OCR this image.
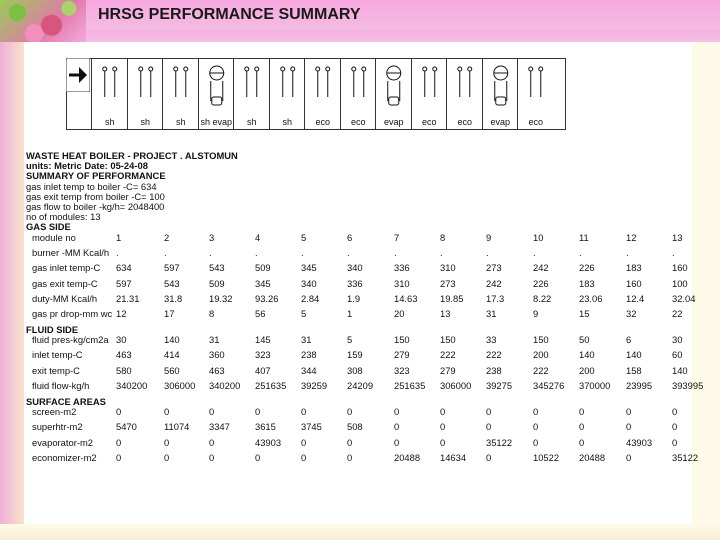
HRSG PERFORMANCE SUMMARY
sh	sh	sh	sh evap	sh	sh	eco	eco	evap	eco	eco	evap	eco
WASTE HEAT BOILER - PROJECT . ALSTOMUN
units: Metric Date: 05-24-08
SUMMARY OF PERFORMANCE
gas inlet temp to boiler -C= 634
gas exit temp from boiler -C= 100
gas flow to boiler -kg/h= 2048400
no of modules: 13
GAS SIDE
module no	1	2	3	4	5	6	7	8	9	10	11	12	13
burner -MM Kcal/h .	.	.	.	.	.	.	.	.	.	.	.	.
gas inlet temp-C 634	597	543	509	345	340	336	310	273	242	226	183	160
gas exit temp-C 597	543	509	345	340	336	310	273	242	226	183	160	100
duty-MM Kcal/h 21.31	31.8	19.32 93.26 2.84	1.9	14.63 19.85 17.3	8.22	23.06	12.4	32.04
gas pr drop-mm wc 12	17	8	56	5	1	20	13	31	9	15	32	22
FLUID SIDE
fluid pres-kg/cm2a 30	140	31	145	31	5	150	150	33	150	50	6	30
inlet temp-C	463	414	360	323	238	159	279	222	222	200	140	140	60
exit temp-C	580	560	463	407	344	308	323	279	238	222	200	158	140
fluid flow-kg/h	340200 306000 340200 251635 39259 24209 251635 306000 39275 345276 370000 23995 393995
SURFACE AREAS
screen-m2	0	0	0	0	0	0	0	0	0	0	0	0	0
superhtr-m2	5470	11074 3347	3615	3745	508	0	0	0	0	0	0	0
evaporator-m2 0	0	0	43903 0	0	0	0	35122 0	0	43903 0
economizer-m2 0	0	0	0	0	0	20488 14634 0	10522 20488 0	35122
